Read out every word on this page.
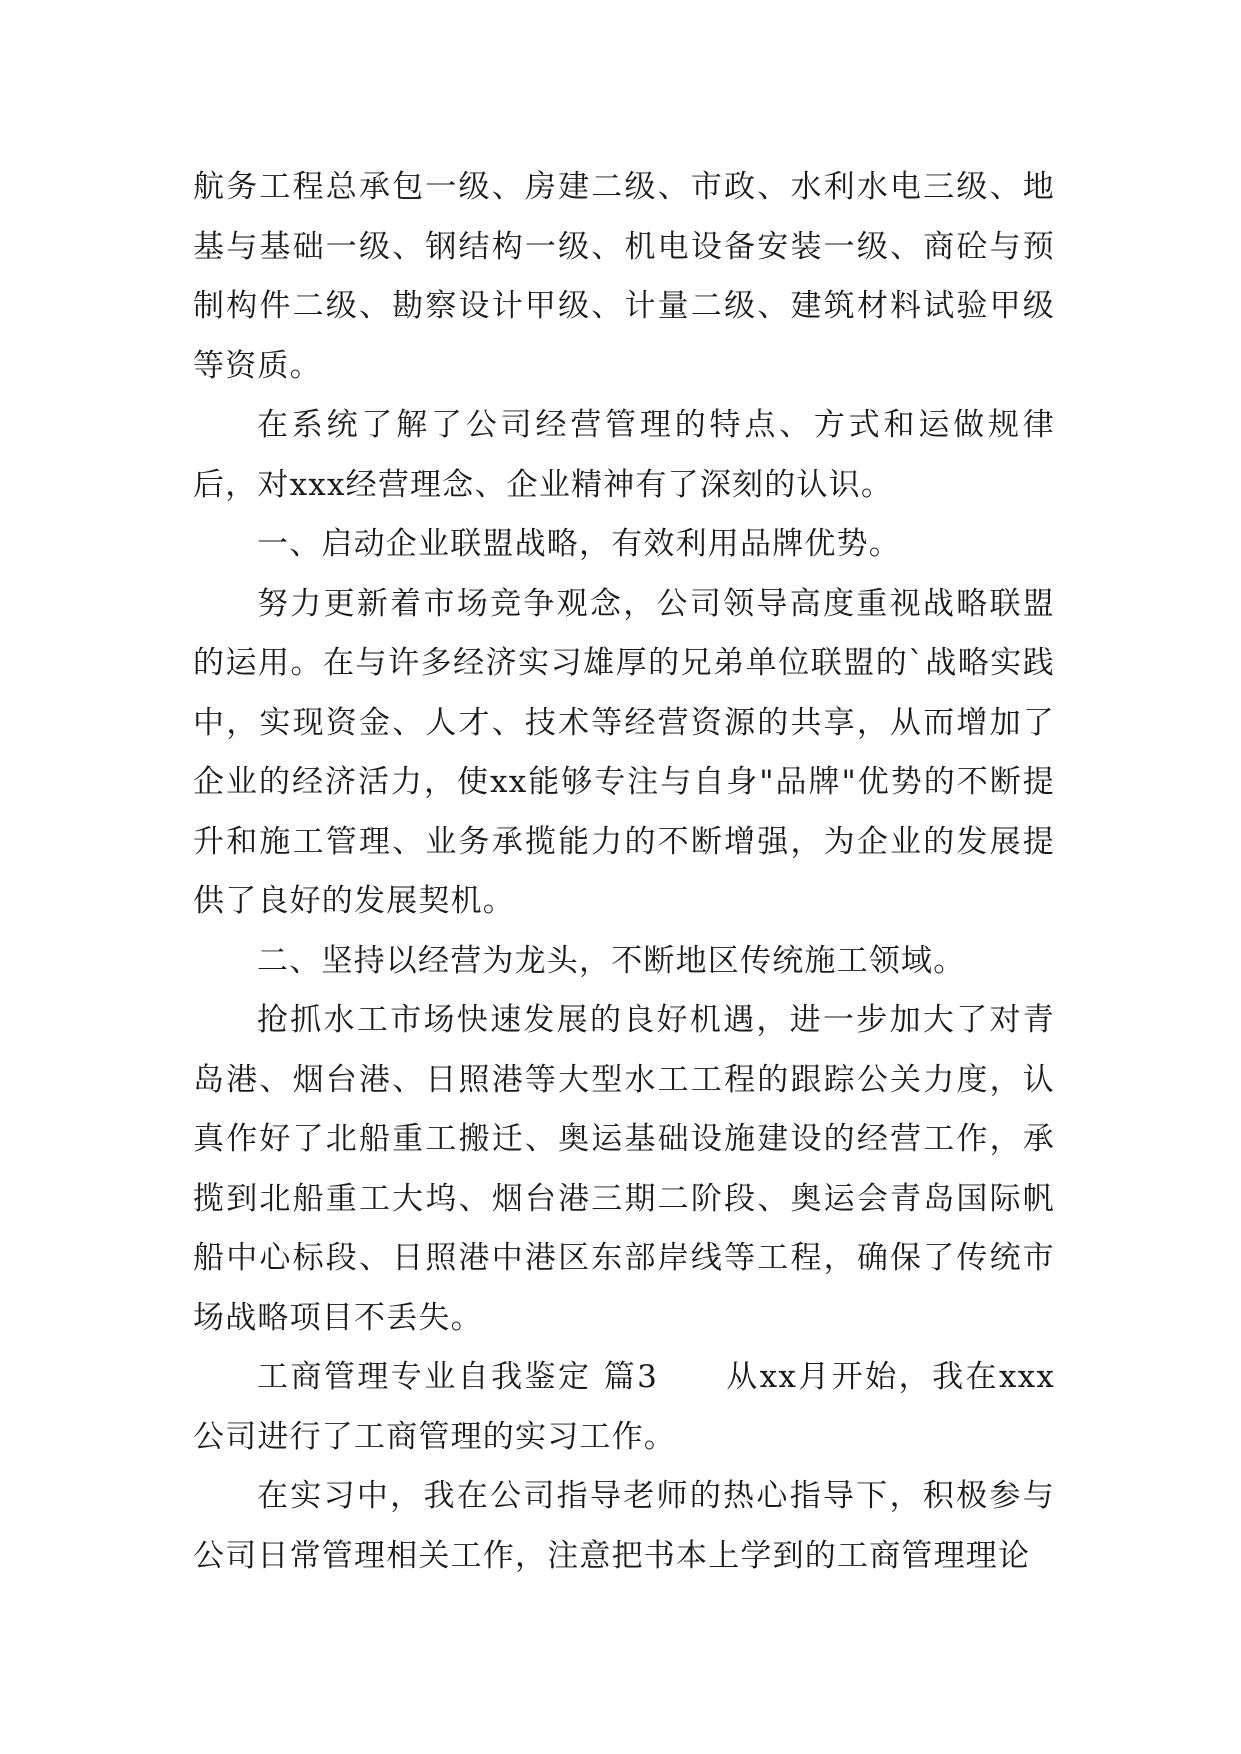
航务工程总承包一级、房建二级、市政、水利水电三级、地基与基础一级、钢结构一级、机电设备安装一级、商砼与预制构件二级、勘察设计甲级、计量二级、建筑材料试验甲级等资质。

在系统了解了公司经营管理的特点、方式和运做规律后，对xxx经营理念、企业精神有了深刻的认识。

一、启动企业联盟战略，有效利用品牌优势。

努力更新着市场竞争观念，公司领导高度重视战略联盟的运用。在与许多经济实习雄厚的兄弟单位联盟的`战略实践中，实现资金、人才、技术等经营资源的共享，从而增加了企业的经济活力，使xx能够专注与自身"品牌"优势的不断提升和施工管理、业务承揽能力的不断增强，为企业的发展提供了良好的发展契机。

二、坚持以经营为龙头，不断地区传统施工领域。

抢抓水工市场快速发展的良好机遇，进一步加大了对青岛港、烟台港、日照港等大型水工工程的跟踪公关力度，认真作好了北船重工搬迁、奥运基础设施建设的经营工作，承揽到北船重工大坞、烟台港三期二阶段、奥运会青岛国际帆船中心标段、日照港中港区东部岸线等工程，确保了传统市场战略项目不丢失。

工商管理专业自我鉴定 篇3　　从xx月开始，我在xxx公司进行了工商管理的实习工作。

在实习中，我在公司指导老师的热心指导下，积极参与公司日常管理相关工作，注意把书本上学到的工商管理理论
